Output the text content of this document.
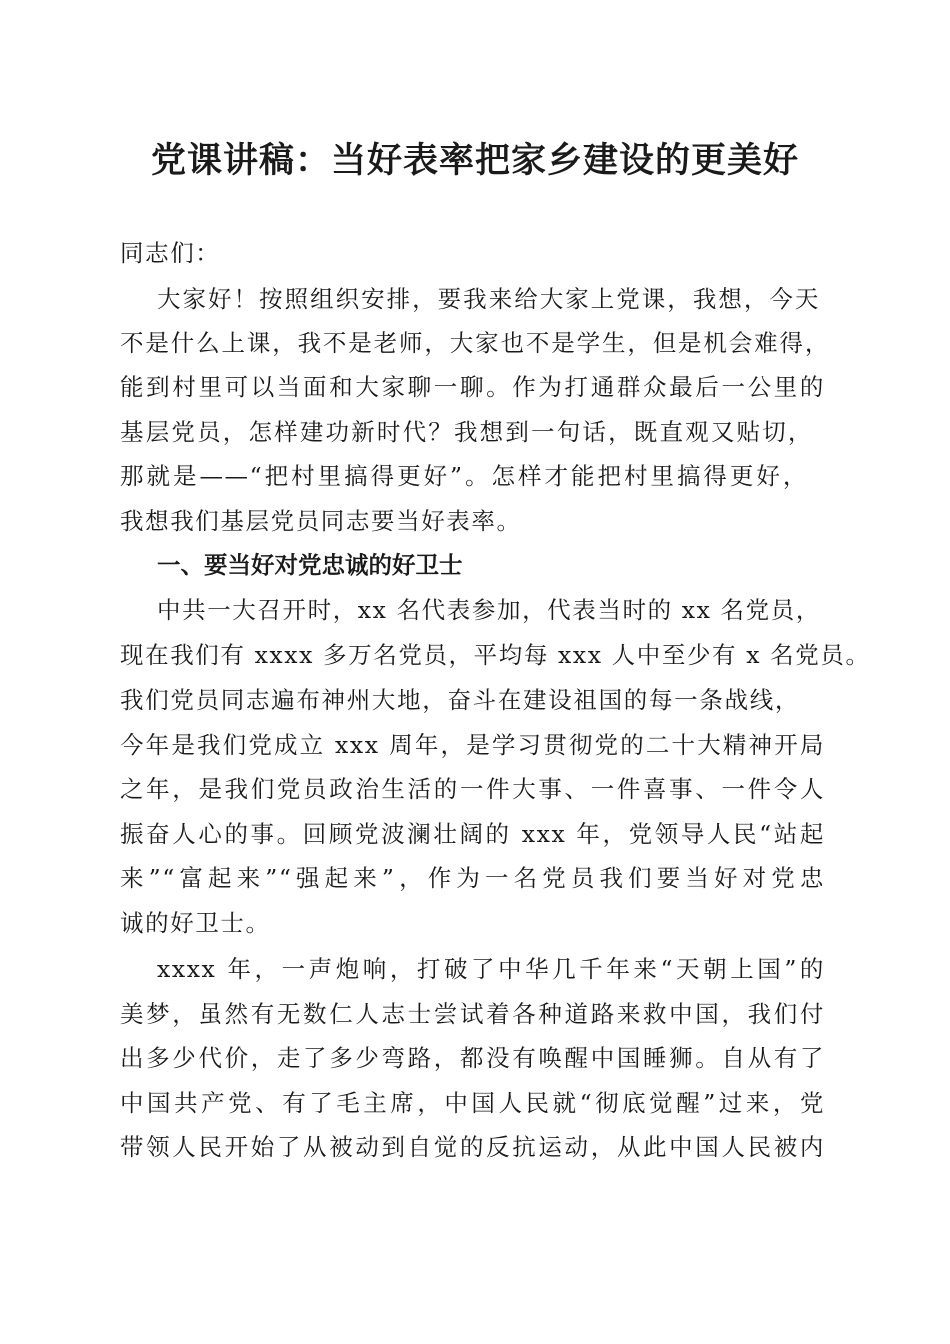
党课讲稿：当好表率把家乡建设的更美好
同志们：
大家好！按照组织安排，要我来给大家上党课，我想，今天
不是什么上课，我不是老师，大家也不是学生，但是机会难得，
能到村里可以当面和大家聊一聊。作为打通群众最后一公里的
基层党员，怎样建功新时代？我想到一句话，既直观又贴切，
那就是——“把村里搞得更好”。怎样才能把村里搞得更好，
我想我们基层党员同志要当好表率。
一、要当好对党忠诚的好卫士
中共一大召开时，xx 名代表参加，代表当时的 xx 名党员，
现在我们有 xxxx 多万名党员，平均每 xxx 人中至少有 x 名党员。
我们党员同志遍布神州大地，奋斗在建设祖国的每一条战线，
今年是我们党成立 xxx 周年，是学习贯彻党的二十大精神开局
之年，是我们党员政治生活的一件大事、一件喜事、一件令人
振奋人心的事。回顾党波澜壮阔的 xxx 年，党领导人民“站起
来”“富起来”“强起来”，作为一名党员我们要当好对党忠
诚的好卫士。
xxxx 年，一声炮响，打破了中华几千年来“天朝上国”的
美梦，虽然有无数仁人志士尝试着各种道路来救中国，我们付
出多少代价，走了多少弯路，都没有唤醒中国睡狮。自从有了
中国共产党、有了毛主席，中国人民就“彻底觉醒”过来，党
带领人民开始了从被动到自觉的反抗运动，从此中国人民被内
